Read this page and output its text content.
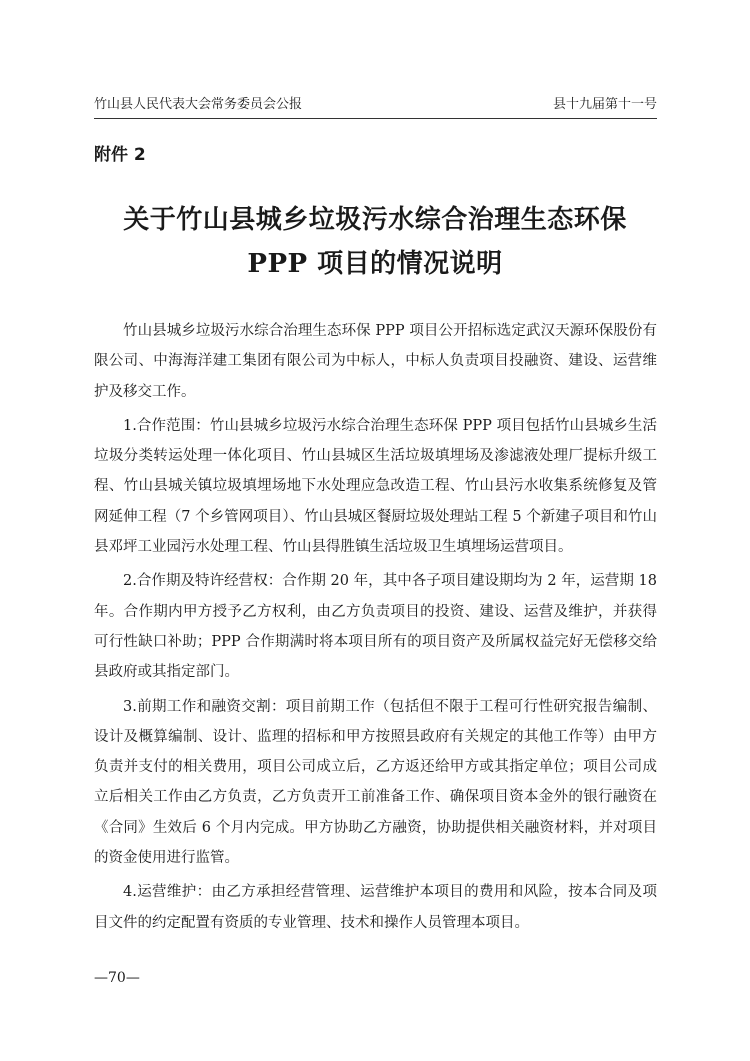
竹山县人民代表大会常务委员会公报	县十九届第十一号
附件 2
关于竹山县城乡垃圾污水综合治理生态环保
PPP 项目的情况说明

竹山县城乡垃圾污水综合治理生态环保 PPP 项目公开招标选定武汉天源环保股份有限公司、中海海洋建工集团有限公司为中标人，中标人负责项目投融资、建设、运营维护及移交工作。

1.合作范围：竹山县城乡垃圾污水综合治理生态环保 PPP 项目包括竹山县城乡生活垃圾分类转运处理一体化项目、竹山县城区生活垃圾填埋场及渗滤液处理厂提标升级工程、竹山县城关镇垃圾填埋场地下水处理应急改造工程、竹山县污水收集系统修复及管网延伸工程（7 个乡管网项目）、竹山县城区餐厨垃圾处理站工程 5 个新建子项目和竹山县邓坪工业园污水处理工程、竹山县得胜镇生活垃圾卫生填埋场运营项目。

2.合作期及特许经营权：合作期 20 年，其中各子项目建设期均为 2 年，运营期 18 年。合作期内甲方授予乙方权利，由乙方负责项目的投资、建设、运营及维护，并获得可行性缺口补助；PPP 合作期满时将本项目所有的项目资产及所属权益完好无偿移交给县政府或其指定部门。

3.前期工作和融资交割：项目前期工作（包括但不限于工程可行性研究报告编制、设计及概算编制、设计、监理的招标和甲方按照县政府有关规定的其他工作等）由甲方负责并支付的相关费用，项目公司成立后，乙方返还给甲方或其指定单位；项目公司成立后相关工作由乙方负责，乙方负责开工前准备工作、确保项目资本金外的银行融资在《合同》生效后 6 个月内完成。甲方协助乙方融资，协助提供相关融资材料，并对项目的资金使用进行监管。

4.运营维护：由乙方承担经营管理、运营维护本项目的费用和风险，按本合同及项目文件的约定配置有资质的专业管理、技术和操作人员管理本项目。

—70—
